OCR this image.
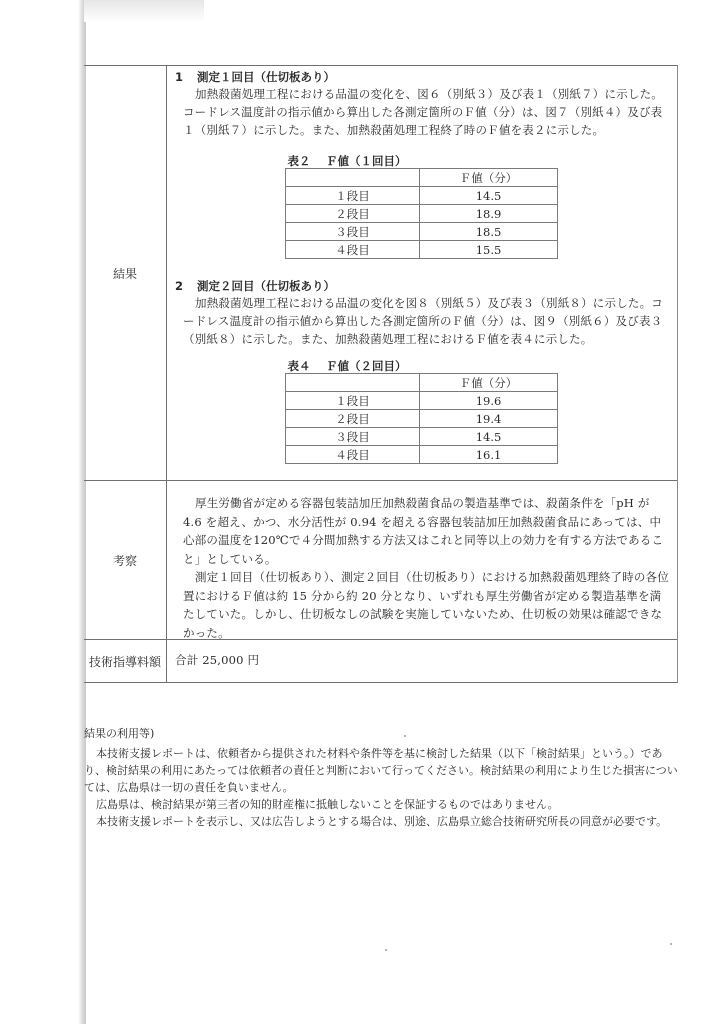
結果
1 測定１回目（仕切板あり）
加熱殺菌処理工程における品温の変化を、図６（別紙３）及び表１（別紙７）に示した。コードレス温度計の指示値から算出した各測定箇所のＦ値（分）は、図７（別紙４）及び表１（別紙７）に示した。また、加熱殺菌処理工程終了時のＦ値を表２に示した。
表２　 Ｆ値（１回目）
	Ｆ値（分）
１段目	14.5
２段目	18.9
３段目	18.5
４段目	15.5
2 測定２回目（仕切板あり）
加熱殺菌処理工程における品温の変化を図８（別紙５）及び表３（別紙８）に示した。コードレス温度計の指示値から算出した各測定箇所のＦ値（分）は、図９（別紙６）及び表３（別紙８）に示した。また、加熱殺菌処理工程におけるＦ値を表４に示した。
表４　 Ｆ値（２回目）
	Ｆ値（分）
１段目	19.6
２段目	19.4
３段目	14.5
４段目	16.1
考察
厚生労働省が定める容器包装詰加圧加熱殺菌食品の製造基準では、殺菌条件を「pH が 4.6 を超え、かつ、水分活性が 0.94 を超える容器包装詰加圧加熱殺菌食品にあっては、中心部の温度を120℃で４分間加熱する方法又はこれと同等以上の効力を有する方法であること」としている。
測定１回目（仕切板あり）、測定２回目（仕切板あり）における加熱殺菌処理終了時の各位置におけるＦ値は約 15 分から約 20 分となり、いずれも厚生労働省が定める製造基準を満たしていた。しかし、仕切板なしの試験を実施していないため、仕切板の効果は確認できなかった。
技術指導料額	合計 25,000 円

結果の利用等)

本技術支援レポートは、依頼者から提供された材料や条件等を基に検討した結果（以下「検討結果」という。）であり、検討結果の利用にあたっては依頼者の責任と判断において行ってください。検討結果の利用により生じた損害については、広島県は一切の責任を負いません。

広島県は、検討結果が第三者の知的財産権に抵触しないことを保証するものではありません。

本技術支援レポートを表示し、又は広告しようとする場合は、別途、広島県立総合技術研究所長の同意が必要です。
